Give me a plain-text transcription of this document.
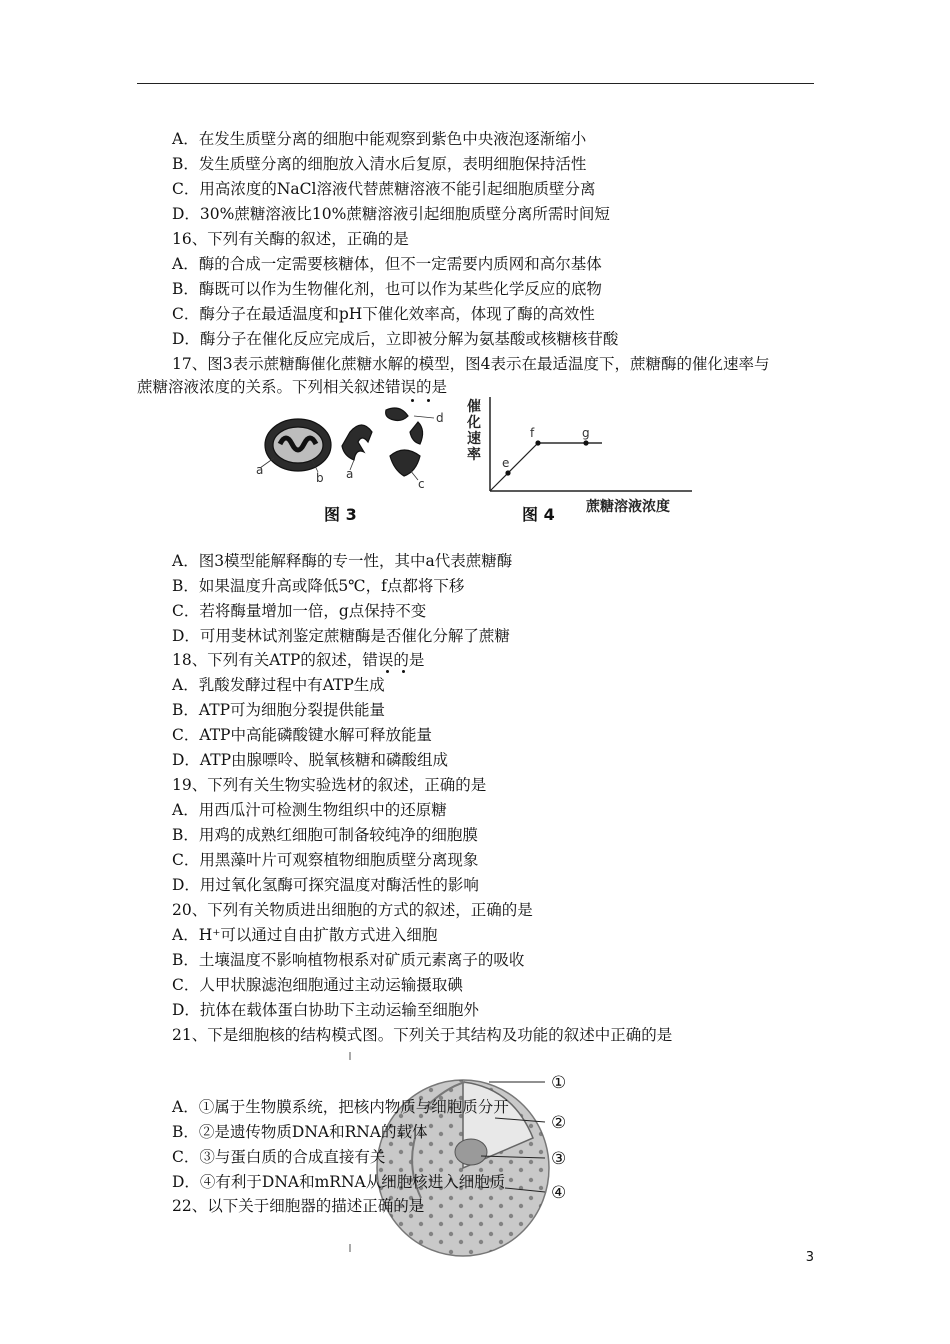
A．在发生质壁分离的细胞中能观察到紫色中央液泡逐渐缩小
B．发生质壁分离的细胞放入清水后复原，表明细胞保持活性
C．用高浓度的NaCl溶液代替蔗糖溶液不能引起细胞质壁分离
D．30%蔗糖溶液比10%蔗糖溶液引起细胞质壁分离所需时间短
16、下列有关酶的叙述，正确的是
A．酶的合成一定需要核糖体，但不一定需要内质网和高尔基体
B．酶既可以作为生物催化剂，也可以作为某些化学反应的底物
C．酶分子在最适温度和pH下催化效率高，体现了酶的高效性
D．酶分子在催化反应完成后，立即被分解为氨基酸或核糖核苷酸
17、图3表示蔗糖酶催化蔗糖水解的模型，图4表示在最适温度下，蔗糖酶的催化速率与
蔗糖溶液浓度的关系。下列相关叙述错误的是
a
b a
c
d
图 3
催
化
速
率 e
f	g
蔗糖溶液浓度
图 4
A．图3模型能解释酶的专一性，其中a代表蔗糖酶
B．如果温度升高或降低5℃，f点都将下移
C．若将酶量增加一倍，g点保持不变
D．可用斐林试剂鉴定蔗糖酶是否催化分解了蔗糖
18、下列有关ATP的叙述，错误的是
A．乳酸发酵过程中有ATP生成
B．ATP可为细胞分裂提供能量
C．ATP中高能磷酸键水解可释放能量
D．ATP由腺嘌呤、脱氧核糖和磷酸组成
19、下列有关生物实验选材的叙述，正确的是
A．用西瓜汁可检测生物组织中的还原糖
B．用鸡的成熟红细胞可制备较纯净的细胞膜
C．用黑藻叶片可观察植物细胞质壁分离现象
D．用过氧化氢酶可探究温度对酶活性的影响
20、下列有关物质进出细胞的方式的叙述，正确的是
A．H⁺可以通过自由扩散方式进入细胞
B．土壤温度不影响植物根系对矿质元素离子的吸收
C．人甲状腺滤泡细胞通过主动运输摄取碘
D．抗体在载体蛋白协助下主动运输至细胞外
21、下是细胞核的结构模式图。下列关于其结构及功能的叙述中正确的是
①
②
③
④
A．①属于生物膜系统，把核内物质与细胞质分开
B．②是遗传物质DNA和RNA的载体
C．③与蛋白质的合成直接有关
D．④有利于DNA和mRNA从细胞核进入细胞质
22、以下关于细胞器的描述正确的是
3
